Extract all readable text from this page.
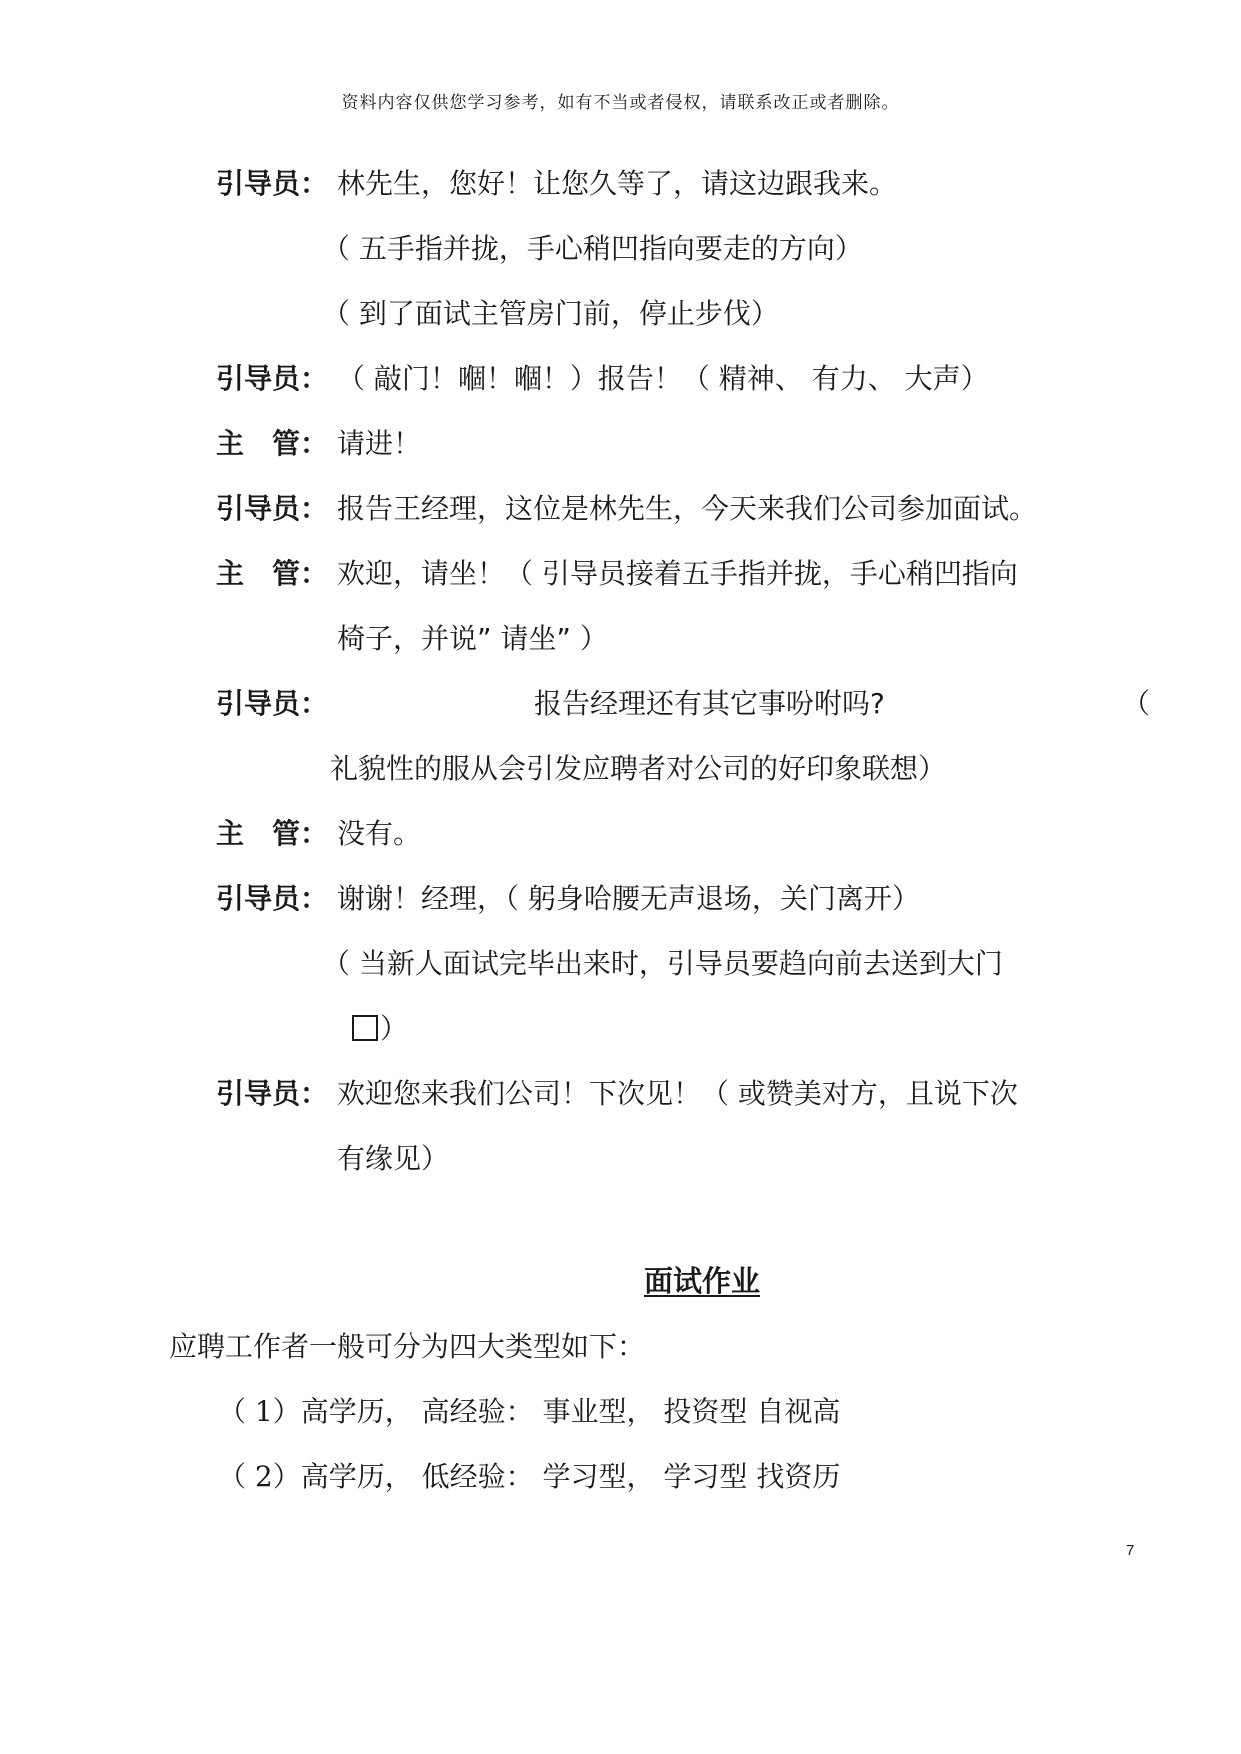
资料内容仅供您学习参考，如有不当或者侵权，请联系改正或者删除。
引导员： 林先生，您好！让您久等了，请这边跟我来。
（ 五手指并拢，手心稍凹指向要走的方向）
（ 到了面试主管房门前，停止步伐）
引导员： （ 敲门！嗰！嗰！）报告！（ 精神、 有力、 大声）
主　管： 请进！
引导员： 报告王经理，这位是林先生，今天来我们公司参加面试。
主　管： 欢迎，请坐！（ 引导员接着五手指并拢，手心稍凹指向
椅子，并说” 请坐” ）
引导员：	报告经理还有其它事吩咐吗?	（
礼貌性的服从会引发应聘者对公司的好印象联想）
主　管： 没有。
引导员： 谢谢！经理，（ 躬身哈腰无声退场，关门离开）
（ 当新人面试完毕出来时，引导员要趋向前去送到大门
）
引导员： 欢迎您来我们公司！下次见！（ 或赞美对方，且说下次
有缘见）
面试作业
应聘工作者一般可分为四大类型如下：
（ 1）高学历， 高经验： 事业型， 投资型 自视高
（ 2）高学历， 低经验： 学习型， 学习型 找资历
7
